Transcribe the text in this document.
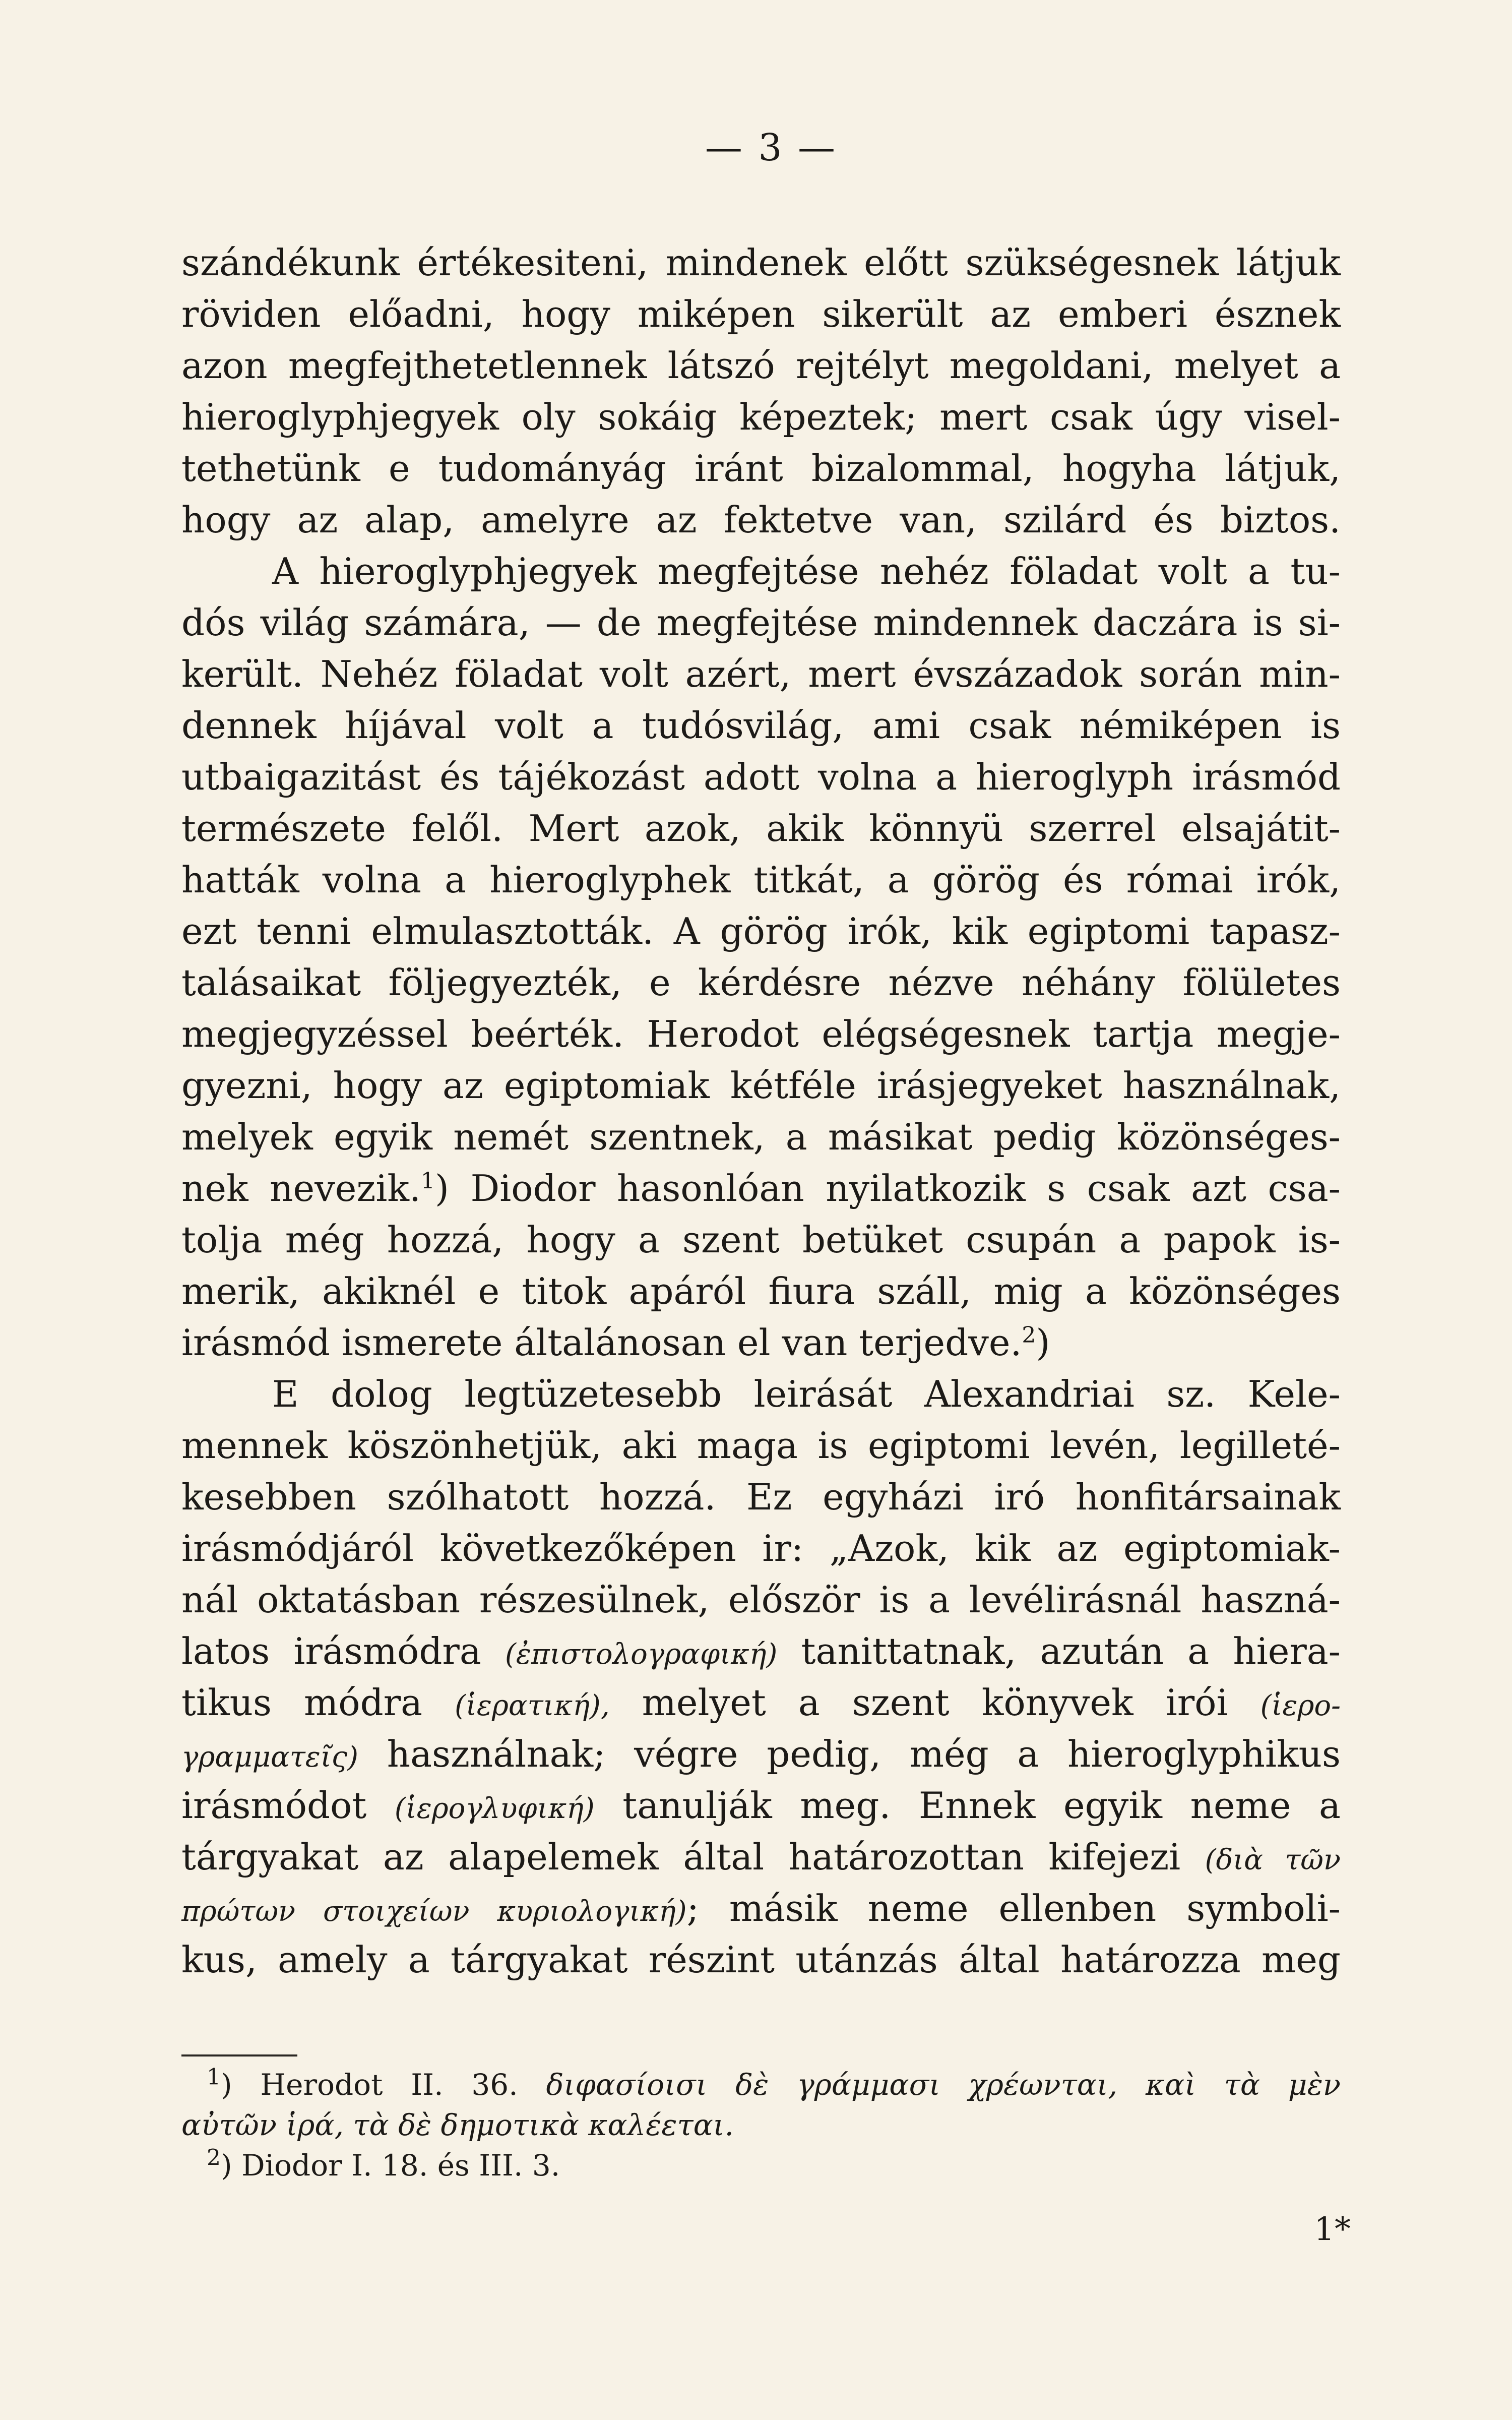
— 3 —
szándékunk értékesiteni, mindenek előtt szükségesnek látjuk
röviden előadni, hogy miképen sikerült az emberi észnek
azon megfejthetetlennek látszó rejtélyt megoldani, melyet a
hieroglyphjegyek oly sokáig képeztek; mert csak úgy visel-
tethetünk e tudományág iránt bizalommal, hogyha látjuk,
hogy az alap, amelyre az fektetve van, szilárd és biztos.
A hieroglyphjegyek megfejtése nehéz föladat volt a tu-
dós világ számára, — de megfejtése mindennek daczára is si-
került. Nehéz föladat volt azért, mert évszázadok során min-
dennek híjával volt a tudósvilág, ami csak némiképen is
utbaigazitást és tájékozást adott volna a hieroglyph irásmód
természete felől. Mert azok, akik könnyü szerrel elsajátit-
hatták volna a hieroglyphek titkát, a görög és római irók,
ezt tenni elmulasztották. A görög irók, kik egiptomi tapasz-
talásaikat följegyezték, e kérdésre nézve néhány fölületes
megjegyzéssel beérték. Herodot elégségesnek tartja megje-
gyezni, hogy az egiptomiak kétféle irásjegyeket használnak,
melyek egyik nemét szentnek, a másikat pedig közönséges-
nek nevezik.$^1$) Diodor hasonlóan nyilatkozik s csak azt csa-
tolja még hozzá, hogy a szent betüket csupán a papok is-
merik, akiknél e titok apáról fiura száll, mig a közönséges
irásmód ismerete általánosan el van terjedve.$^2$)
E dolog legtüzetesebb leirását Alexandriai sz. Kele-
mennek köszönhetjük, aki maga is egiptomi levén, legilleté-
kesebben szólhatott hozzá. Ez egyházi iró honfitársainak
irásmódjáról következőképen ir: „Azok, kik az egiptomiak-
nál oktatásban részesülnek, először is a levélirásnál haszná-
latos irásmódra (ἐπιστολογραφική) tanittatnak, azután a hiera-
tikus módra (ἱερατική), melyet a szent könyvek irói (ἱερο-
γραμματεῖς) használnak; végre pedig, még a hieroglyphikus
irásmódot (ἱερογλυφική) tanulják meg. Ennek egyik neme a
tárgyakat az alapelemek által határozottan kifejezi (διὰ τῶν
πρώτων στοιχείων κυριολογική); másik neme ellenben symboli-
kus, amely a tárgyakat részint utánzás által határozza meg
$^1$) Herodot II. 36. διφασίοισι δὲ γράμμασι χρέωνται, καὶ τὰ μὲν
αὐτῶν ἱρά, τὰ δὲ δημοτικὰ καλέεται.
$^2$) Diodor I. 18. és III. 3.
1*
